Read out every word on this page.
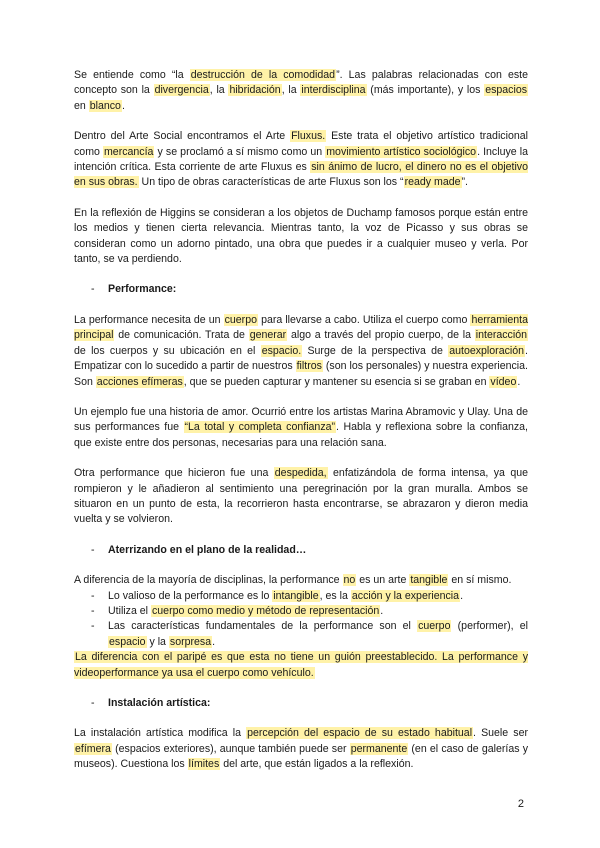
Se entiende como “la destrucción de la comodidad”. Las palabras relacionadas con este concepto son la divergencia, la hibridación, la interdisciplina (más importante), y los espacios en blanco.

Dentro del Arte Social encontramos el Arte Fluxus. Este trata el objetivo artístico tradicional como mercancía y se proclamó a sí mismo como un movimiento artístico sociológico. Incluye la intención crítica. Esta corriente de arte Fluxus es sin ánimo de lucro, el dinero no es el objetivo en sus obras. Un tipo de obras características de arte Fluxus son los “ready made”.

En la reflexión de Higgins se consideran a los objetos de Duchamp famosos porque están entre los medios y tienen cierta relevancia. Mientras tanto, la voz de Picasso y sus obras se consideran como un adorno pintado, una obra que puedes ir a cualquier museo y verla. Por tanto, se va perdiendo.

-	Performance:

La performance necesita de un cuerpo para llevarse a cabo. Utiliza el cuerpo como herramienta principal de comunicación. Trata de generar algo a través del propio cuerpo, de la interacción de los cuerpos y su ubicación en el espacio. Surge de la perspectiva de autoexploración. Empatizar con lo sucedido a partir de nuestros filtros (son los personales) y nuestra experiencia. Son acciones efímeras, que se pueden capturar y mantener su esencia si se graban en vídeo.

Un ejemplo fue una historia de amor. Ocurrió entre los artistas Marina Abramovic y Ulay. Una de sus performances fue “La total y completa confianza”. Habla y reflexiona sobre la confianza, que existe entre dos personas, necesarias para una relación sana.

Otra performance que hicieron fue una despedida, enfatizándola de forma intensa, ya que rompieron y le añadieron al sentimiento una peregrinación por la gran muralla. Ambos se situaron en un punto de esta, la recorrieron hasta encontrarse, se abrazaron y dieron media vuelta y se volvieron.

-	Aterrizando en el plano de la realidad…

A diferencia de la mayoría de disciplinas, la performance no es un arte tangible en sí mismo.

-	Lo valioso de la performance es lo intangible, es la acción y la experiencia.
-	Utiliza el cuerpo como medio y método de representación.
-	Las características fundamentales de la performance son el cuerpo (performer), el espacio y la sorpresa.

La diferencia con el paripé es que esta no tiene un guión preestablecido. La performance y videoperformance ya usa el cuerpo como vehículo.

-	Instalación artística:

La instalación artística modifica la percepción del espacio de su estado habitual. Suele ser efímera (espacios exteriores), aunque también puede ser permanente (en el caso de galerías y museos). Cuestiona los límites del arte, que están ligados a la reflexión.

2
